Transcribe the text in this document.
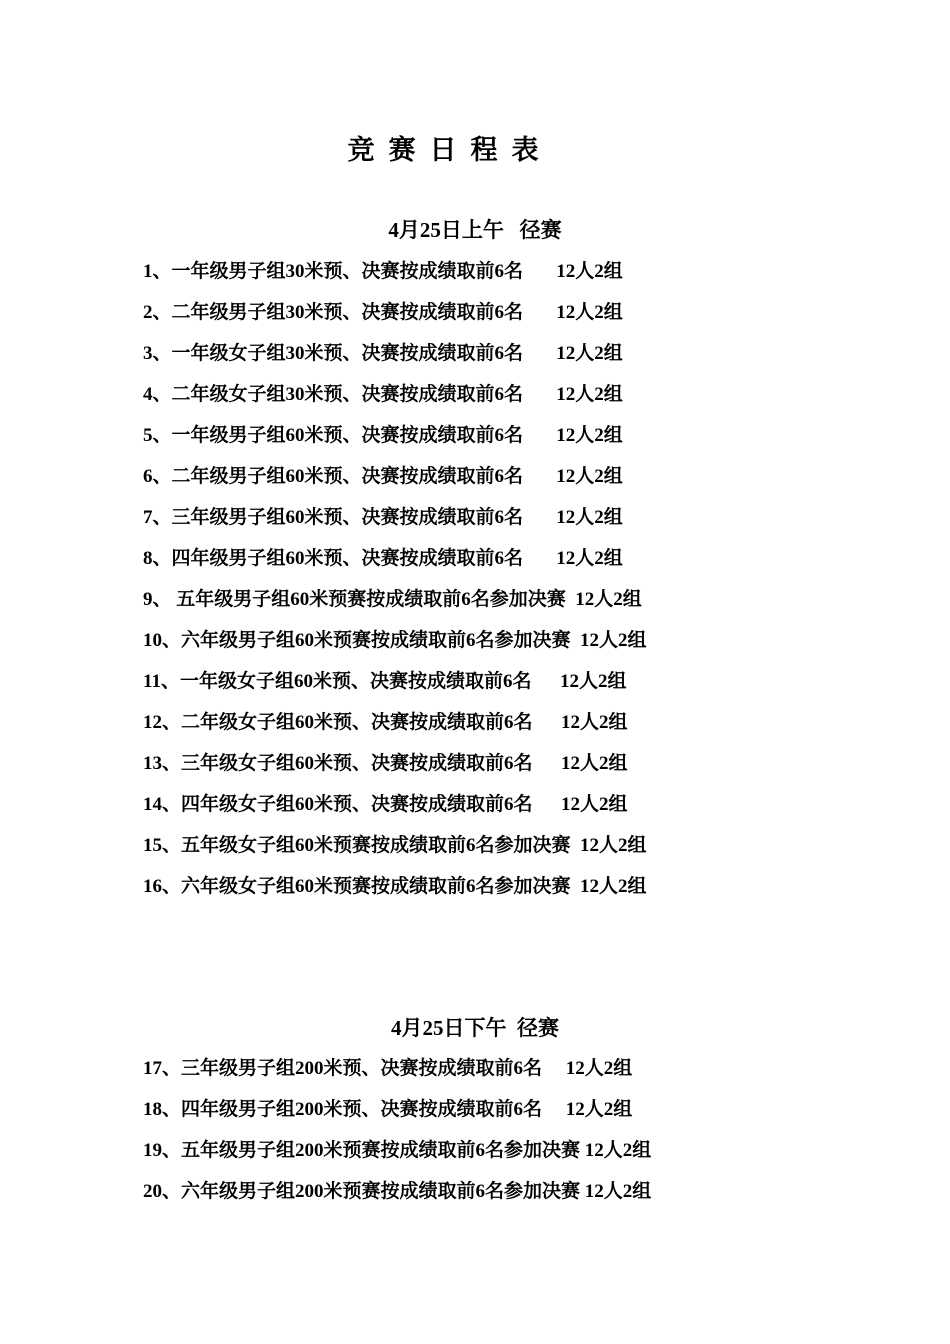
竞赛日程表
4月25日上午   径赛
1、一年级男子组30米预、决赛按成绩取前6名       12人2组
2、二年级男子组30米预、决赛按成绩取前6名       12人2组
3、一年级女子组30米预、决赛按成绩取前6名       12人2组
4、二年级女子组30米预、决赛按成绩取前6名       12人2组
5、一年级男子组60米预、决赛按成绩取前6名       12人2组
6、二年级男子组60米预、决赛按成绩取前6名       12人2组
7、三年级男子组60米预、决赛按成绩取前6名       12人2组
8、四年级男子组60米预、决赛按成绩取前6名       12人2组
9、 五年级男子组60米预赛按成绩取前6名参加决赛  12人2组
10、六年级男子组60米预赛按成绩取前6名参加决赛  12人2组
11、一年级女子组60米预、决赛按成绩取前6名      12人2组
12、二年级女子组60米预、决赛按成绩取前6名      12人2组
13、三年级女子组60米预、决赛按成绩取前6名      12人2组
14、四年级女子组60米预、决赛按成绩取前6名      12人2组
15、五年级女子组60米预赛按成绩取前6名参加决赛  12人2组
16、六年级女子组60米预赛按成绩取前6名参加决赛  12人2组
4月25日下午  径赛
17、三年级男子组200米预、决赛按成绩取前6名     12人2组
18、四年级男子组200米预、决赛按成绩取前6名     12人2组
19、五年级男子组200米预赛按成绩取前6名参加决赛 12人2组
20、六年级男子组200米预赛按成绩取前6名参加决赛 12人2组
